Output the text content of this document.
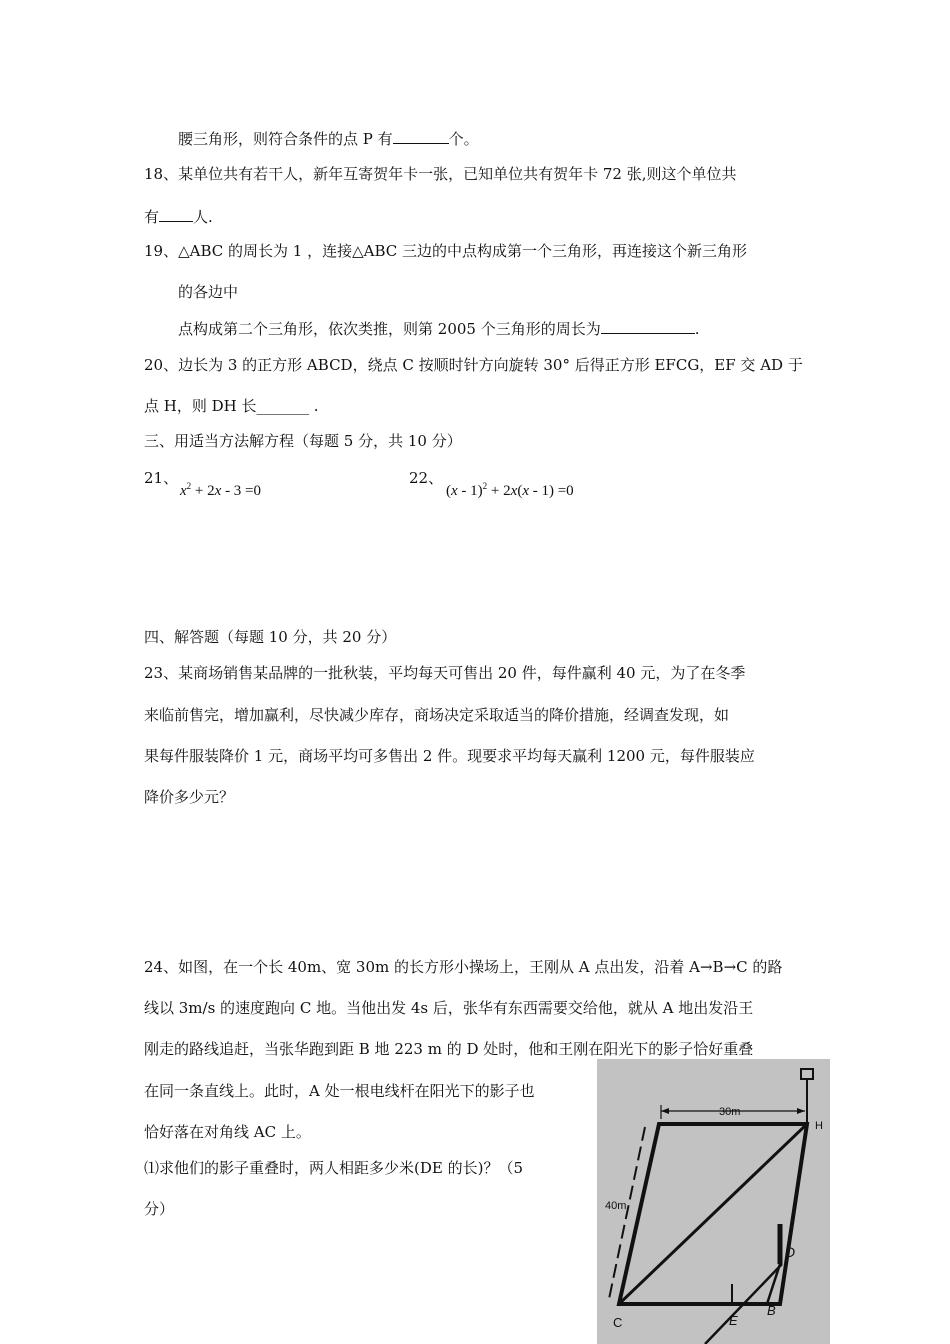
腰三角形，则符合条件的点 P 有	个。
18、某单位共有若干人，新年互寄贺年卡一张，已知单位共有贺年卡 72 张,则这个单位共
有 人.
19、△ABC 的周长为 1 ，连接△ABC 三边的中点构成第一个三角形，再连接这个新三角形
的各边中
点构成第二个三角形，依次类推，则第 2005 个三角形的周长为	.
20、边长为 3 的正方形 ABCD，绕点 C 按顺时针方向旋转 30° 后得正方形 EFCG，EF 交 AD 于
点 H，则 DH 长_______ .
三、用适当方法解方程（每题 5 分，共 10 分）
21、
$x^2 + 2x - 3 =0$
22、
(x - 1)$^2$ + 2x(x - 1) =0
四、解答题（每题 10 分，共 20 分）
23、某商场销售某品牌的一批秋装，平均每天可售出 20 件，每件赢利 40 元，为了在冬季
来临前售完，增加赢利，尽快减少库存，商场决定采取适当的降价措施，经调查发现，如
果每件服装降价 1 元，商场平均可多售出 2 件。现要求平均每天赢利 1200 元，每件服装应
降价多少元？
24、如图，在一个长 40m、宽 30m 的长方形小操场上，王刚从 A 点出发，沿着 A→B→C 的路
线以 3m/s 的速度跑向 C 地。当他出发 4s 后，张华有东西需要交给他，就从 A 地出发沿王
刚走的路线追赶，当张华跑到距 B 地 223 m 的 D 处时，他和王刚在阳光下的影子恰好重叠
在同一条直线上。此时，A 处一根电线杆在阳光下的影子也
恰好落在对角线 AC 上。
⑴求他们的影子重叠时，两人相距多少米(DE 的长)？（5
分）
30m
40m
H
D
E
B
C
